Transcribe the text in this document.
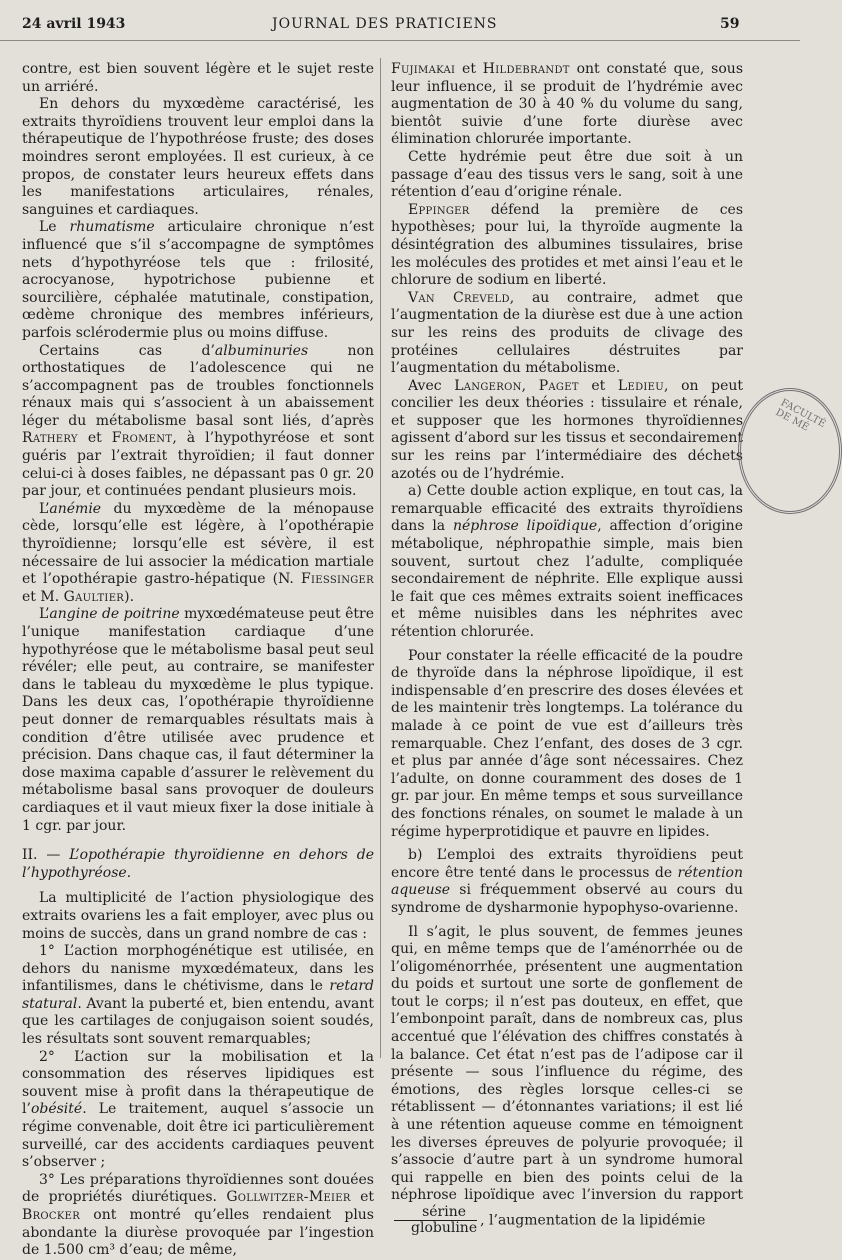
24 avril 1943	JOURNAL DES PRATICIENS	59

contre, est bien souvent légère et le sujet reste un arriéré.

En dehors du myxœdème caractérisé, les extraits thyroïdiens trouvent leur emploi dans la thérapeutique de l’hypothréose fruste; des doses moindres seront employées. Il est curieux, à ce propos, de constater leurs heureux effets dans les manifestations articulaires, rénales, sanguines et cardiaques.

Le rhumatisme articulaire chronique n’est influencé que s’il s’accompagne de symptômes nets d’hypothyréose tels que : frilosité, acrocyanose, hypotrichose pubienne et sourcilière, céphalée matutinale, constipation, œdème chronique des membres inférieurs, parfois sclérodermie plus ou moins diffuse.

Certains cas d’albuminuries non orthostatiques de l’adolescence qui ne s’accompagnent pas de troubles fonctionnels rénaux mais qui s’associent à un abaissement léger du métabolisme basal sont liés, d’après Rathery et Froment, à l’hypothyréose et sont guéris par l’extrait thyroïdien; il faut donner celui-ci à doses faibles, ne dépassant pas 0 gr. 20 par jour, et continuées pendant plusieurs mois.

L’anémie du myxœdème de la ménopause cède, lorsqu’elle est légère, à l’opothérapie thyroïdienne; lorsqu’elle est sévère, il est nécessaire de lui associer la médication martiale et l’opothérapie gastro-hépatique (N. Fiessinger et M. Gaultier).

L’angine de poitrine myxœdémateuse peut être l’unique manifestation cardiaque d’une hypothyréose que le métabolisme basal peut seul révéler; elle peut, au contraire, se manifester dans le tableau du myxœdème le plus typique. Dans les deux cas, l’opothérapie thyroïdienne peut donner de remarquables résultats mais à condition d’être utilisée avec prudence et précision. Dans chaque cas, il faut déterminer la dose maxima capable d’assurer le relèvement du métabolisme basal sans provoquer de douleurs cardiaques et il vaut mieux fixer la dose initiale à 1 cgr. par jour.

II. — L’opothérapie thyroïdienne en dehors de l’hypothyréose.

La multiplicité de l’action physiologique des extraits ovariens les a fait employer, avec plus ou moins de succès, dans un grand nombre de cas :

1° L’action morphogénétique est utilisée, en dehors du nanisme myxœdémateux, dans les infantilismes, dans le chétivisme, dans le retard statural. Avant la puberté et, bien entendu, avant que les cartilages de conjugaison soient soudés, les résultats sont souvent remarquables;

2° L’action sur la mobilisation et la consommation des réserves lipidiques est souvent mise à profit dans la thérapeutique de l’obésité. Le traitement, auquel s’associe un régime convenable, doit être ici particulièrement surveillé, car des accidents cardiaques peuvent s’observer ;

3° Les préparations thyroïdiennes sont douées de propriétés diurétiques. Gollwitzer-Meier et Brocker ont montré qu’elles rendaient plus abondante la diurèse provoquée par l’ingestion de 1.500 cm³ d’eau; de même,

Fujimakai et Hildebrandt ont constaté que, sous leur influence, il se produit de l’hydrémie avec augmentation de 30 à 40 % du volume du sang, bientôt suivie d’une forte diurèse avec élimination chlorurée importante.

Cette hydrémie peut être due soit à un passage d’eau des tissus vers le sang, soit à une rétention d’eau d’origine rénale.

Eppinger défend la première de ces hypothèses; pour lui, la thyroïde augmente la désintégration des albumines tissulaires, brise les molécules des protides et met ainsi l’eau et le chlorure de sodium en liberté.

Van Creveld, au contraire, admet que l’augmentation de la diurèse est due à une action sur les reins des produits de clivage des protéines cellulaires déstruites par l’augmentation du métabolisme.

Avec Langeron, Paget et Ledieu, on peut concilier les deux théories : tissulaire et rénale, et supposer que les hormones thyroïdiennes agissent d’abord sur les tissus et secondairement sur les reins par l’intermédiaire des déchets azotés ou de l’hydrémie.

a) Cette double action explique, en tout cas, la remarquable efficacité des extraits thyroïdiens dans la néphrose lipoïdique, affection d’origine métabolique, néphropathie simple, mais bien souvent, surtout chez l’adulte, compliquée secondairement de néphrite. Elle explique aussi le fait que ces mêmes extraits soient inefficaces et même nuisibles dans les néphrites avec rétention chlorurée.

Pour constater la réelle efficacité de la poudre de thyroïde dans la néphrose lipoïdique, il est indispensable d’en prescrire des doses élevées et de les maintenir très longtemps. La tolérance du malade à ce point de vue est d’ailleurs très remarquable. Chez l’enfant, des doses de 3 cgr. et plus par année d’âge sont nécessaires. Chez l’adulte, on donne couramment des doses de 1 gr. par jour. En même temps et sous surveillance des fonctions rénales, on soumet le malade à un régime hyperprotidique et pauvre en lipides.

b) L’emploi des extraits thyroïdiens peut encore être tenté dans le processus de rétention aqueuse si fréquemment observé au cours du syndrome de dysharmonie hypophyso-ovarienne.

Il s’agit, le plus souvent, de femmes jeunes qui, en même temps que de l’aménorrhée ou de l’oligoménorrhée, présentent une augmentation du poids et surtout une sorte de gonflement de tout le corps; il n’est pas douteux, en effet, que l’embonpoint paraît, dans de nombreux cas, plus accentué que l’élévation des chiffres constatés à la balance. Cet état n’est pas de l’adipose car il présente — sous l’influence du régime, des émotions, des règles lorsque celles-ci se rétablissent — d’étonnantes variations; il est lié à une rétention aqueuse comme en témoignent les diverses épreuves de polyurie provoquée; il s’associe d’autre part à un syndrome humoral qui rappelle en bien des points celui de la néphrose lipoïdique avec l’inversion du rapport
$\frac{\text{sérine}}{\text{globuline}}$ , l’augmentation de la lipidémie

FACULTÉ DE MÉ
